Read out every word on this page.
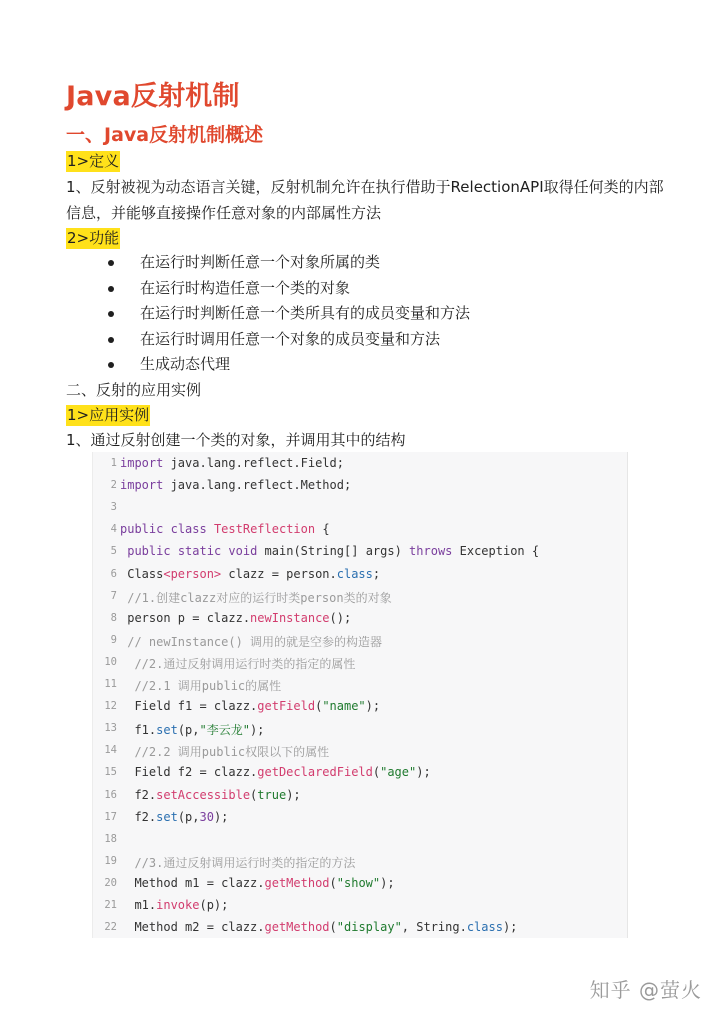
Java反射机制
一、Java反射机制概述
1>定义
1、反射被视为动态语言关键，反射机制允许在执行借助于RelectionAPI取得任何类的内部
信息，并能够直接操作任意对象的内部属性方法
2>功能
在运行时判断任意一个对象所属的类
在运行时构造任意一个类的对象
在运行时判断任意一个类所具有的成员变量和方法
在运行时调用任意一个对象的成员变量和方法
生成动态代理
二、反射的应用实例
1>应用实例
1、通过反射创建一个类的对象，并调用其中的结构
1 import java.lang.reflect.Field;
2 import java.lang.reflect.Method;
3
4 public class TestReflection {
5 public static void main(String[] args) throws Exception {
6 Class<person> clazz = person.class;
7 //1.创建clazz对应的运行时类person类的对象
8 person p = clazz.newInstance();
9 // newInstance() 调用的就是空参的构造器
10	//2.通过反射调用运行时类的指定的属性
11	//2.1 调用public的属性
12 Field f1 = clazz.getField("name");
13 f1.set(p,"李云龙");
14	//2.2 调用public权限以下的属性
15 Field f2 = clazz.getDeclaredField("age");
16 f2.setAccessible(true);
17 f2.set(p,30);
18
19	//3.通过反射调用运行时类的指定的方法
20 Method m1 = clazz.getMethod("show");
21 m1.invoke(p);
22 Method m2 = clazz.getMethod("display", String.class);
知乎 @萤火
